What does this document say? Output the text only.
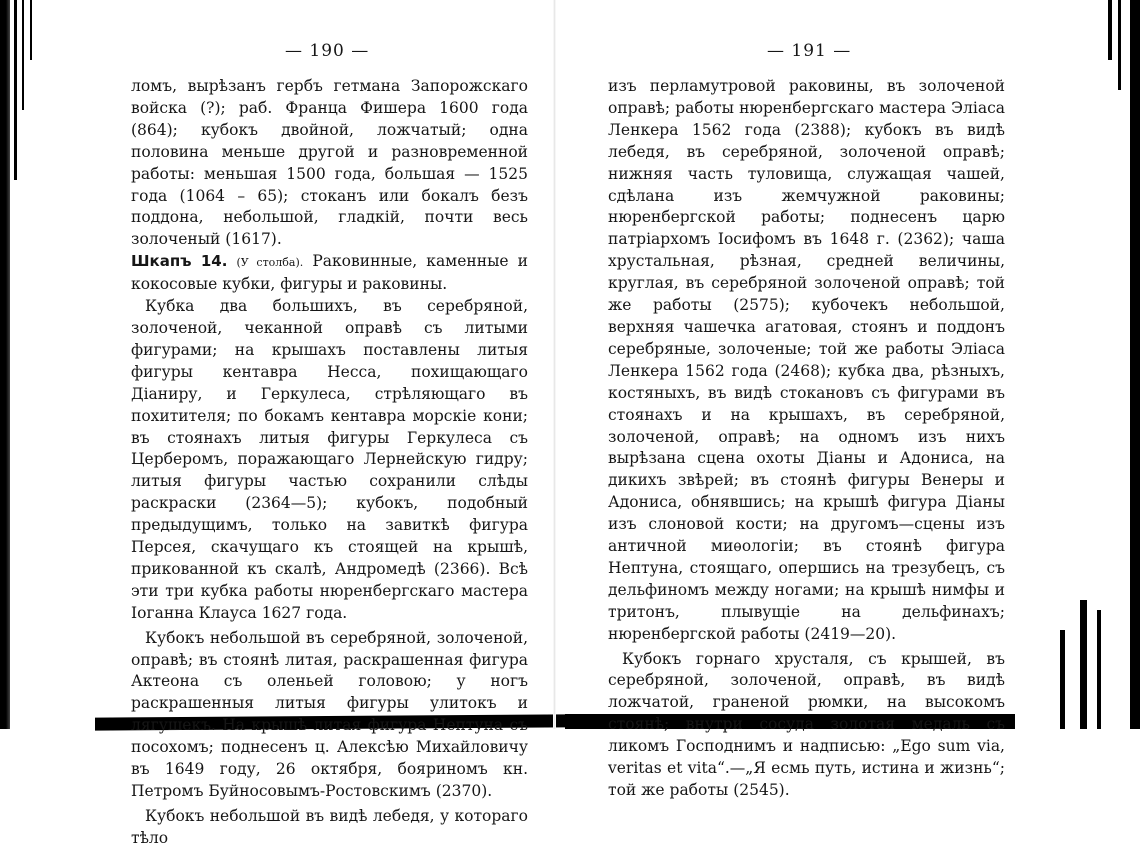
— 190 —

ломъ, вырѣзанъ гербъ гетмана Запорожскаго войска (?); раб. Франца Фишера 1600 года (864); кубокъ двойной, ложчатый; одна половина меньше другой и разновременной работы: меньшая 1500 года, большая — 1525 года (1064 – 65); стоканъ или бокалъ безъ поддона, небольшой, гладкій, почти весь золоченый (1617).

Шкапъ 14. (У столба). Раковинные, каменные и кокосовые кубки, фигуры и раковины.

Кубка два большихъ, въ серебряной, золоченой, чеканной оправѣ съ литыми фигурами; на крышахъ поставлены литыя фигуры кентавра Несса, похищающаго Діаниру, и Геркулеса, стрѣляющаго въ похитителя; по бокамъ кентавра морскіе кони; въ стоянахъ литыя фигуры Геркулеса съ Церберомъ, поражающаго Лернейскую гидру; литыя фигуры частью сохранили слѣды раскраски (2364—5); кубокъ, подобный предыдущимъ, только на завиткѣ фигура Персея, скачущаго къ стоящей на крышѣ, прикованной къ скалѣ, Андромедѣ (2366). Всѣ эти три кубка работы нюренбергскаго мастера Іоганна Клауса 1627 года.

Кубокъ небольшой въ серебряной, золоченой, оправѣ; въ стоянѣ литая, раскрашенная фигура Актеона съ оленьей головою; у ногъ раскрашенныя литыя фигуры улитокъ и лягушекъ. На крышѣ литая фигура Нептуна съ посохомъ; поднесенъ ц. Алексѣю Михайловичу въ 1649 году, 26 октября, бояриномъ кн. Петромъ Буйносовымъ-Ростовскимъ (2370).

Кубокъ небольшой въ видѣ лебедя, у котораго тѣло

— 191 —

изъ перламутровой раковины, въ золоченой оправѣ; работы нюренбергскаго мастера Эліаса Ленкера 1562 года (2388); кубокъ въ видѣ лебедя, въ серебряной, золоченой оправѣ; нижняя часть туловища, служащая чашей, сдѣлана изъ жемчужной раковины; нюренбергской работы; поднесенъ царю патріархомъ Іосифомъ въ 1648 г. (2362); чаша хрустальная, рѣзная, средней величины, круглая, въ серебряной золоченой оправѣ; той же работы (2575); кубочекъ небольшой, верхняя чашечка агатовая, стоянъ и поддонъ серебряные, золоченые; той же работы Эліаса Ленкера 1562 года (2468); кубка два, рѣзныхъ, костяныхъ, въ видѣ стокановъ съ фигурами въ стоянахъ и на крышахъ, въ серебряной, золоченой, оправѣ; на одномъ изъ нихъ вырѣзана сцена охоты Діаны и Адониса, на дикихъ звѣрей; въ стоянѣ фигуры Венеры и Адониса, обнявшись; на крышѣ фигура Діаны изъ слоновой кости; на другомъ—сцены изъ античной миѳологіи; въ стоянѣ фигура Нептуна, стоящаго, опершись на трезубецъ, съ дельфиномъ между ногами; на крышѣ нимфы и тритонъ, плывущіе на дельфинахъ; нюренбергской работы (2419—20).

Кубокъ горнаго хрусталя, съ крышей, въ серебряной, золоченой, оправѣ, въ видѣ ложчатой, граненой рюмки, на высокомъ стоянѣ; внутри сосуда золотая медаль съ ликомъ Господнимъ и надписью: „Ego sum via, veritas et vita“.—„Я есмь путь, истина и жизнь“; той же работы (2545).
